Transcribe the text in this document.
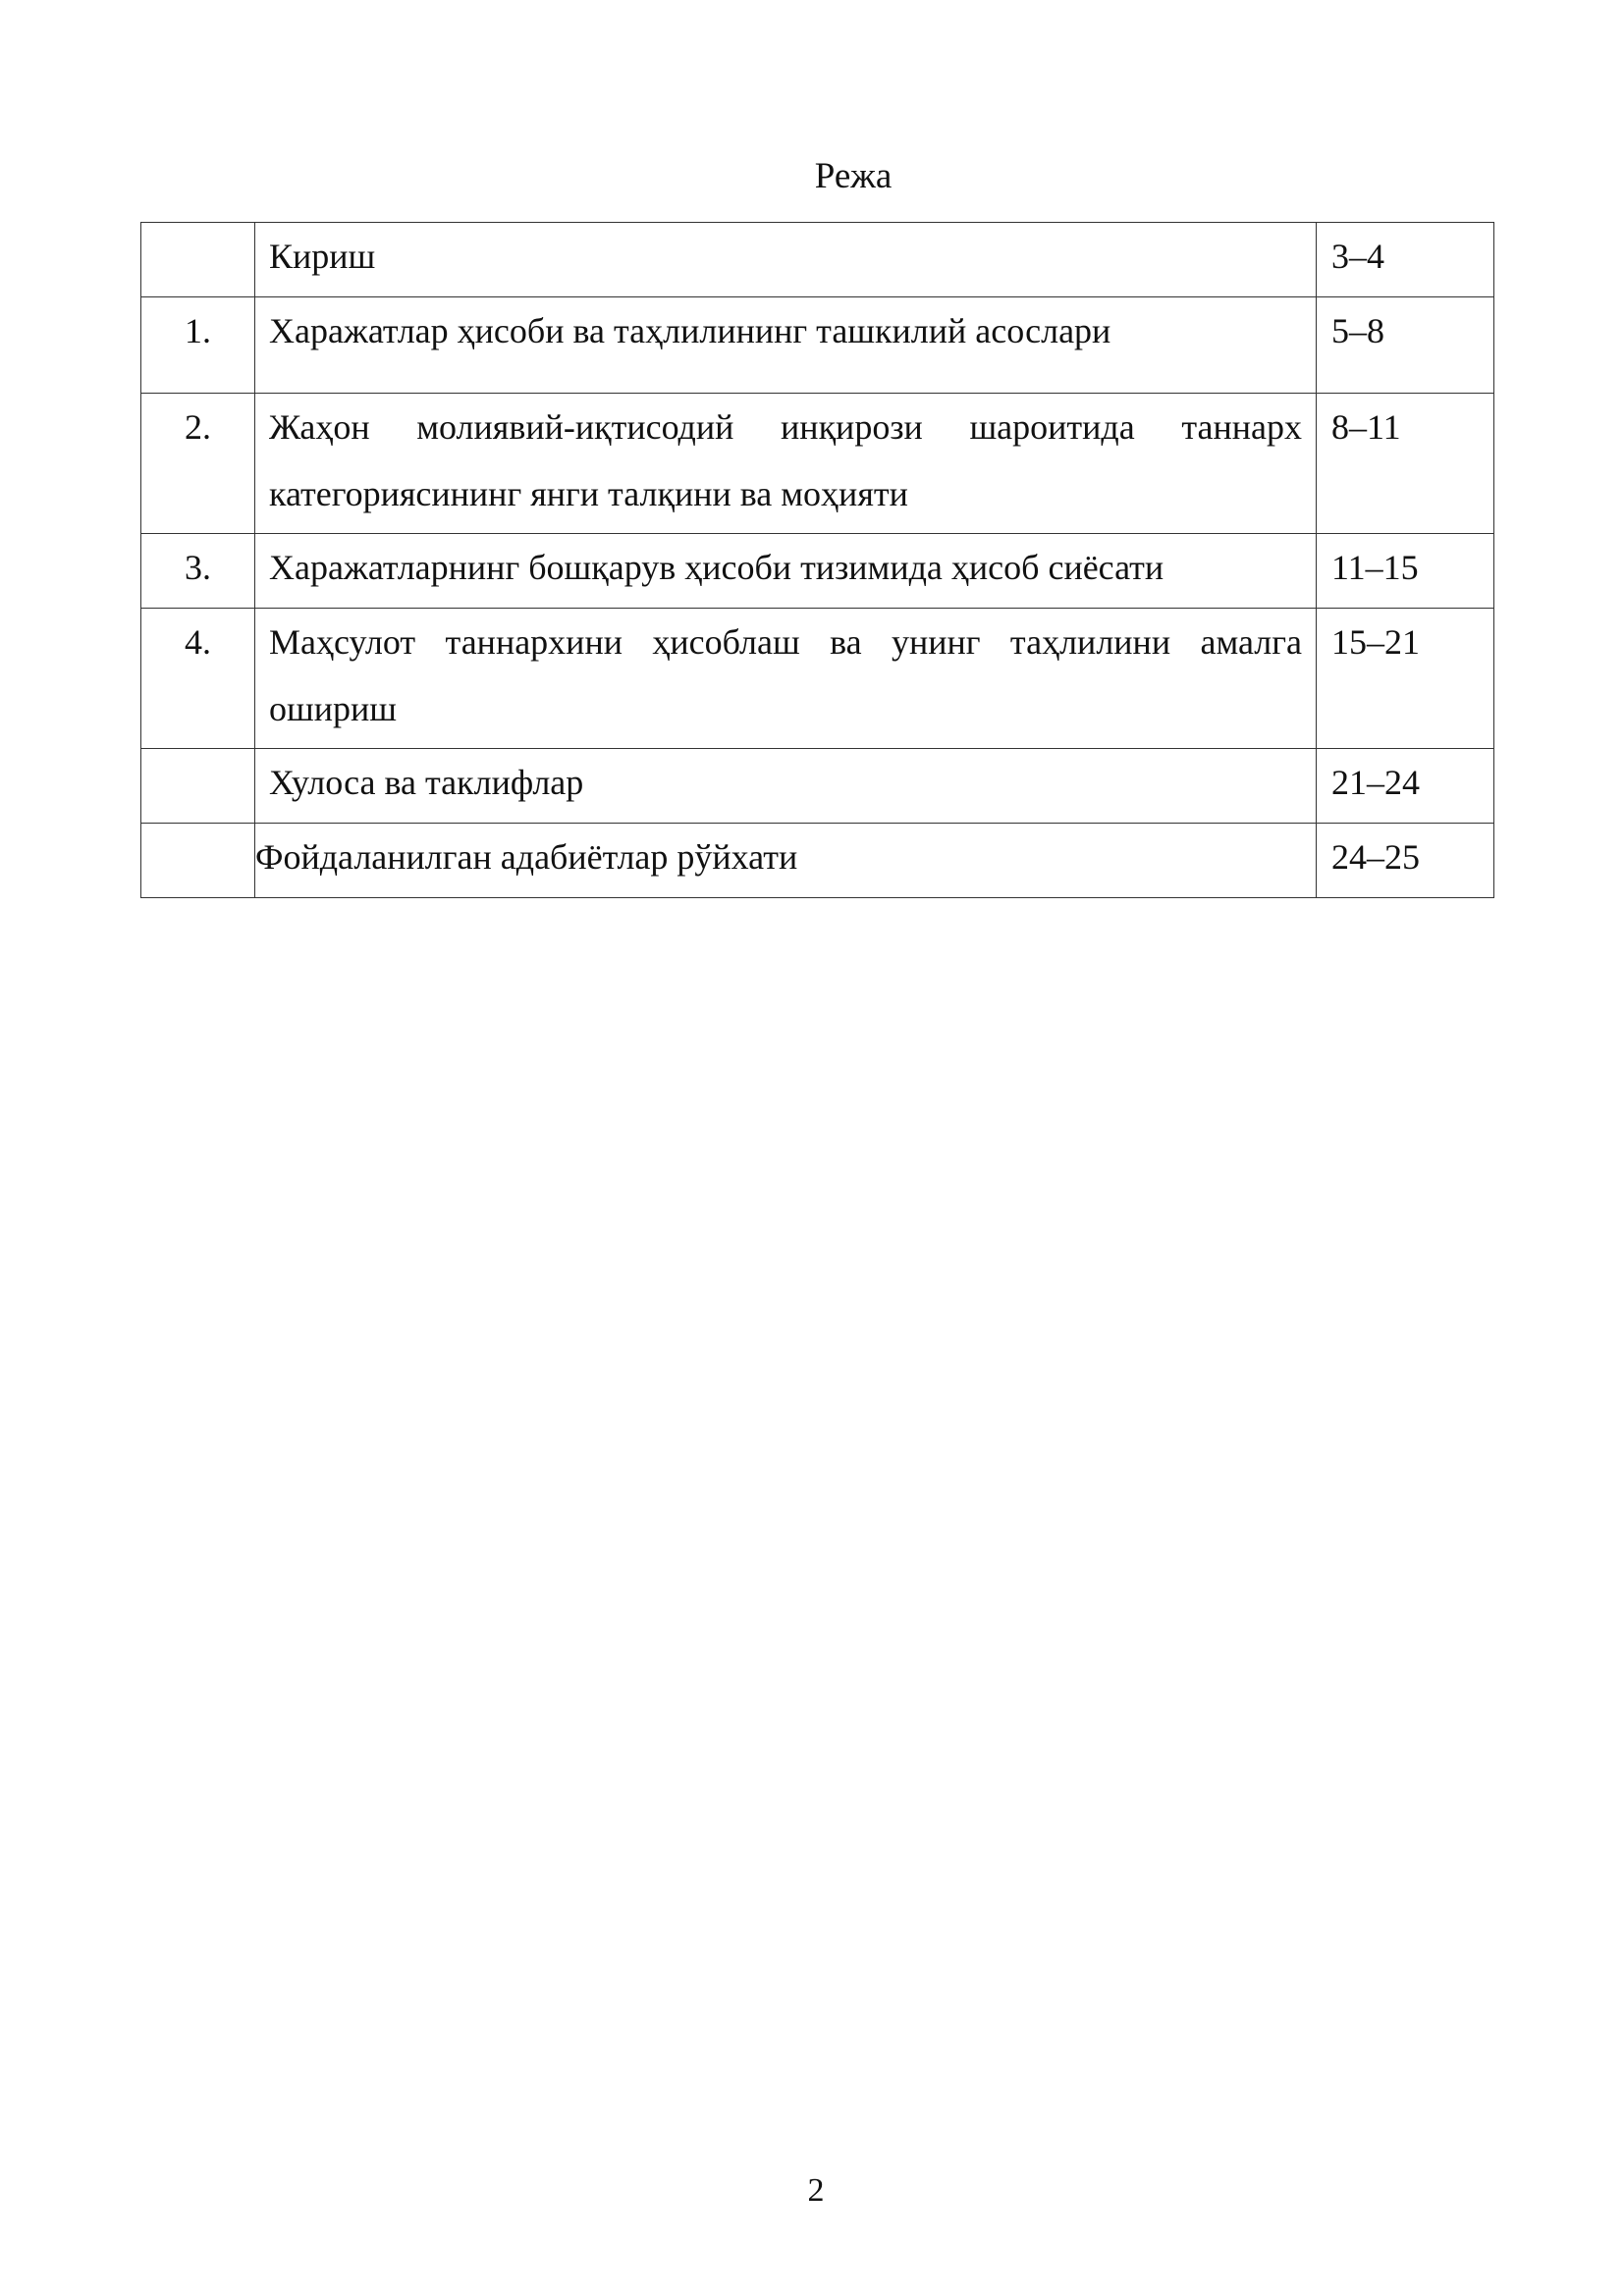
Режа

	Кириш	3–4
1.	Харажатлар ҳисоби ва таҳлилининг ташкилий асослари	5–8
2.	Жаҳон молиявий-иқтисодий инқирози шароитида таннарх категориясининг янги талқини ва моҳияти	8–11
3.	Харажатларнинг бошқарув ҳисоби тизимида ҳисоб сиёсати	11–15
4.	Маҳсулот таннархини ҳисоблаш ва унинг таҳлилини амалга ошириш	15–21

	Хулоса ва таклифлар	21–24

	Фойдаланилган адабиётлар рўйхати	24–25
2
